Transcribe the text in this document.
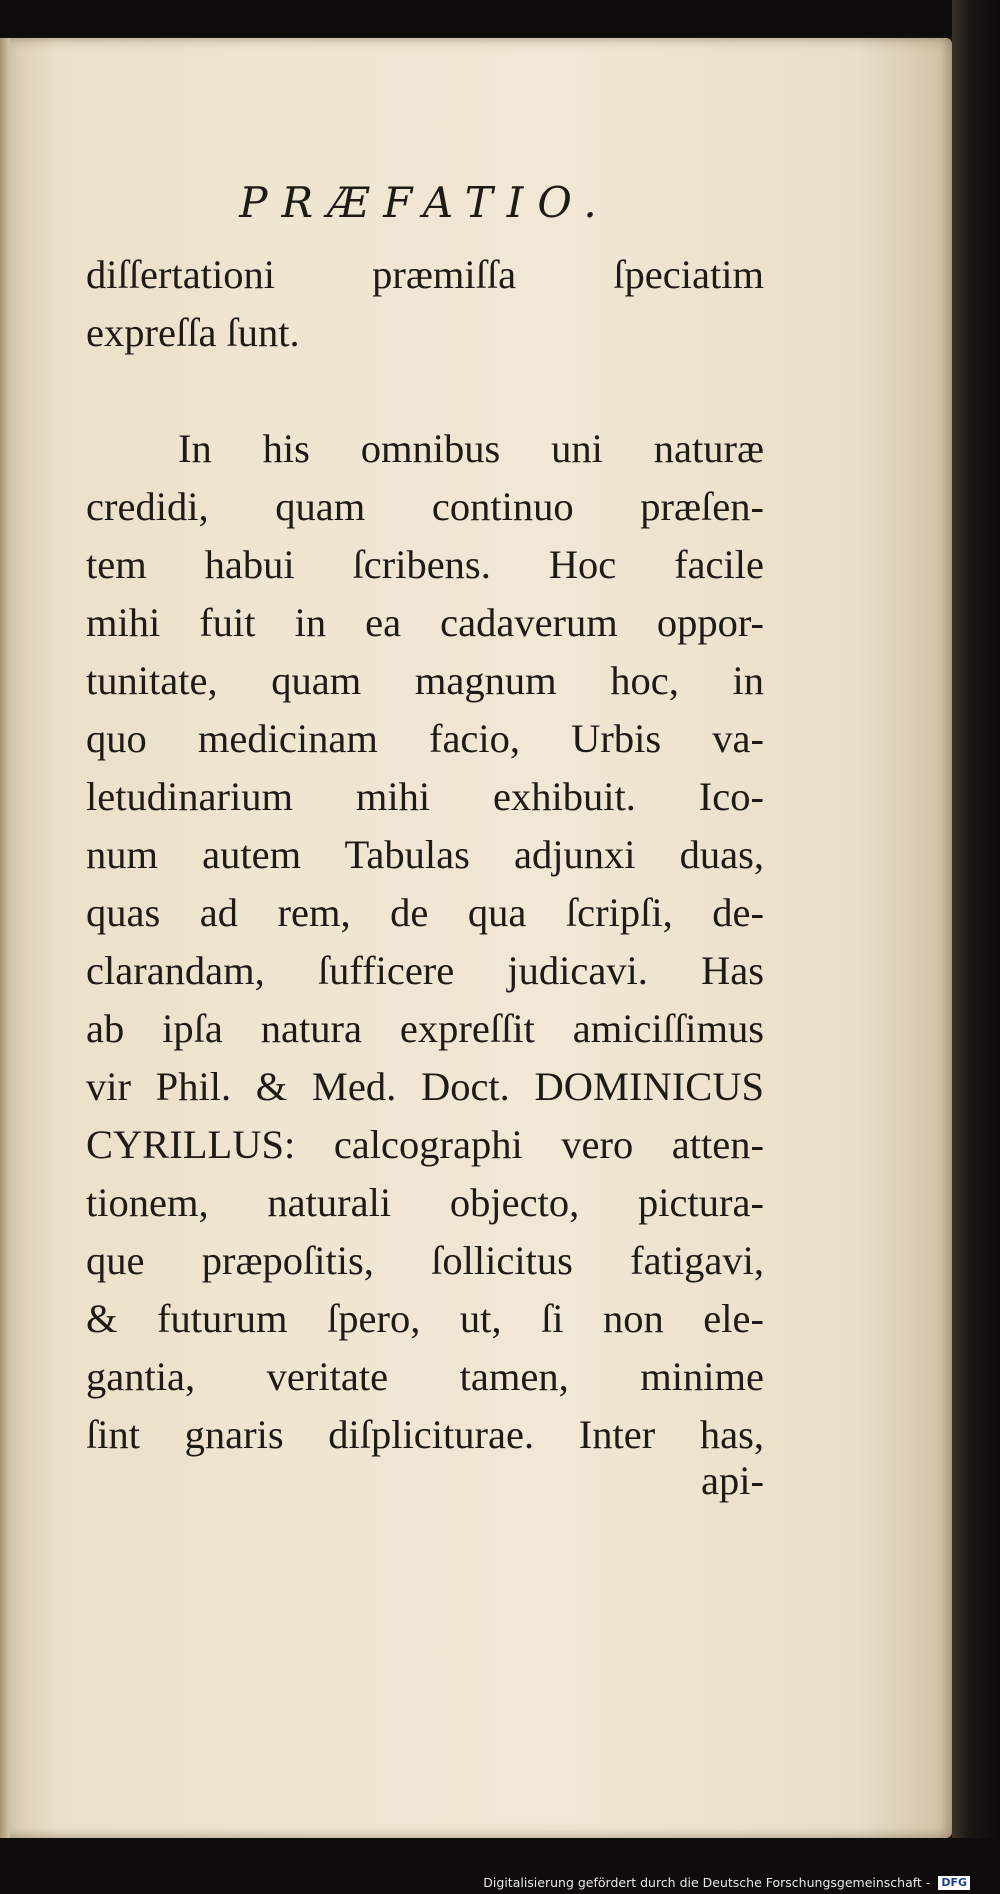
PRÆFATIO.
diſſertationi præmiſſa ſpeciatim
expreſſa ſunt.
In his omnibus uni naturæ
credidi, quam continuo præſen-
tem habui ſcribens. Hoc facile
mihi fuit in ea cadaverum oppor-
tunitate, quam magnum hoc, in
quo medicinam facio, Urbis va-
letudinarium mihi exhibuit. Ico-
num autem Tabulas adjunxi duas,
quas ad rem, de qua ſcripſi, de-
clarandam, ſufficere judicavi. Has
ab ipſa natura expreſſit amiciſſimus
vir Phil. & Med. Doct. DOMINICUS
CYRILLUS: calcographi vero atten-
tionem, naturali objecto, pictura-
que præpoſitis, ſollicitus fatigavi,
& futurum ſpero, ut, ſi non ele-
gantia, veritate tamen, minime
ſint gnaris diſpliciturae. Inter has,
api-
Digitalisierung gefördert durch die Deutsche Forschungsgemeinschaft - DFG
